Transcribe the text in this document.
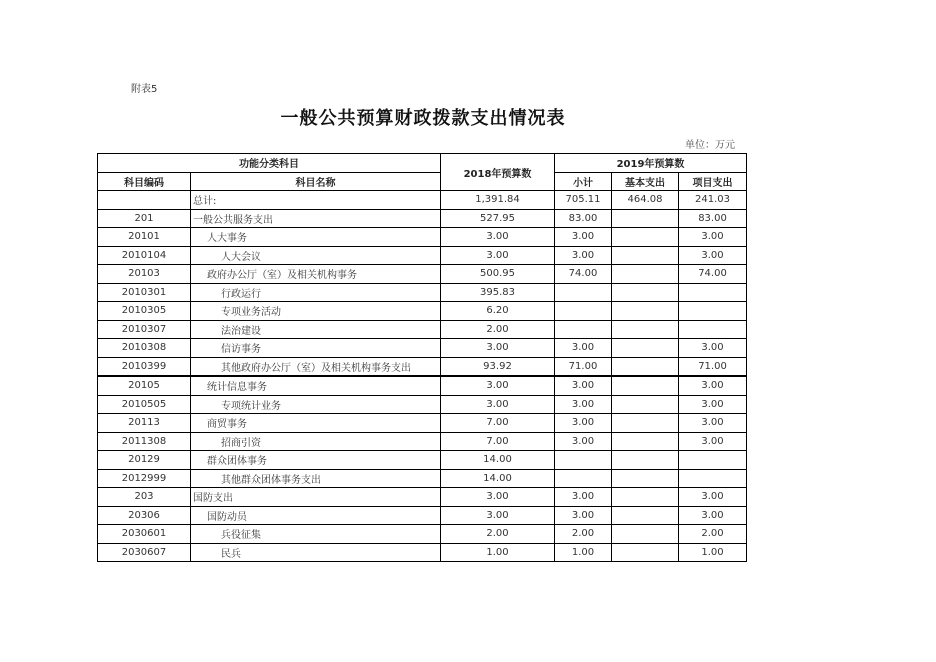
附表5
一般公共预算财政拨款支出情况表
单位：万元
功能分类科目		2018年预算数	2019年预算数		
科目编码	科目名称		小计	基本支出	项目支出
	总计:	1,391.84	705.11	464.08	241.03
201	一般公共服务支出	527.95	83.00		83.00
20101	人大事务	3.00	3.00		3.00
2010104	人大会议	3.00	3.00		3.00
20103	政府办公厅（室）及相关机构事务	500.95	74.00		74.00
2010301	行政运行	395.83			
2010305	专项业务活动	6.20			
2010307	法治建设	2.00			
2010308	信访事务	3.00	3.00		3.00
2010399	其他政府办公厅（室）及相关机构事务支出	93.92	71.00		71.00
20105	统计信息事务	3.00	3.00		3.00
2010505	专项统计业务	3.00	3.00		3.00
20113	商贸事务	7.00	3.00		3.00
2011308	招商引资	7.00	3.00		3.00
20129	群众团体事务	14.00			
2012999	其他群众团体事务支出	14.00			
203	国防支出	3.00	3.00		3.00
20306	国防动员	3.00	3.00		3.00
2030601	兵役征集	2.00	2.00		2.00
2030607	民兵	1.00	1.00		1.00
